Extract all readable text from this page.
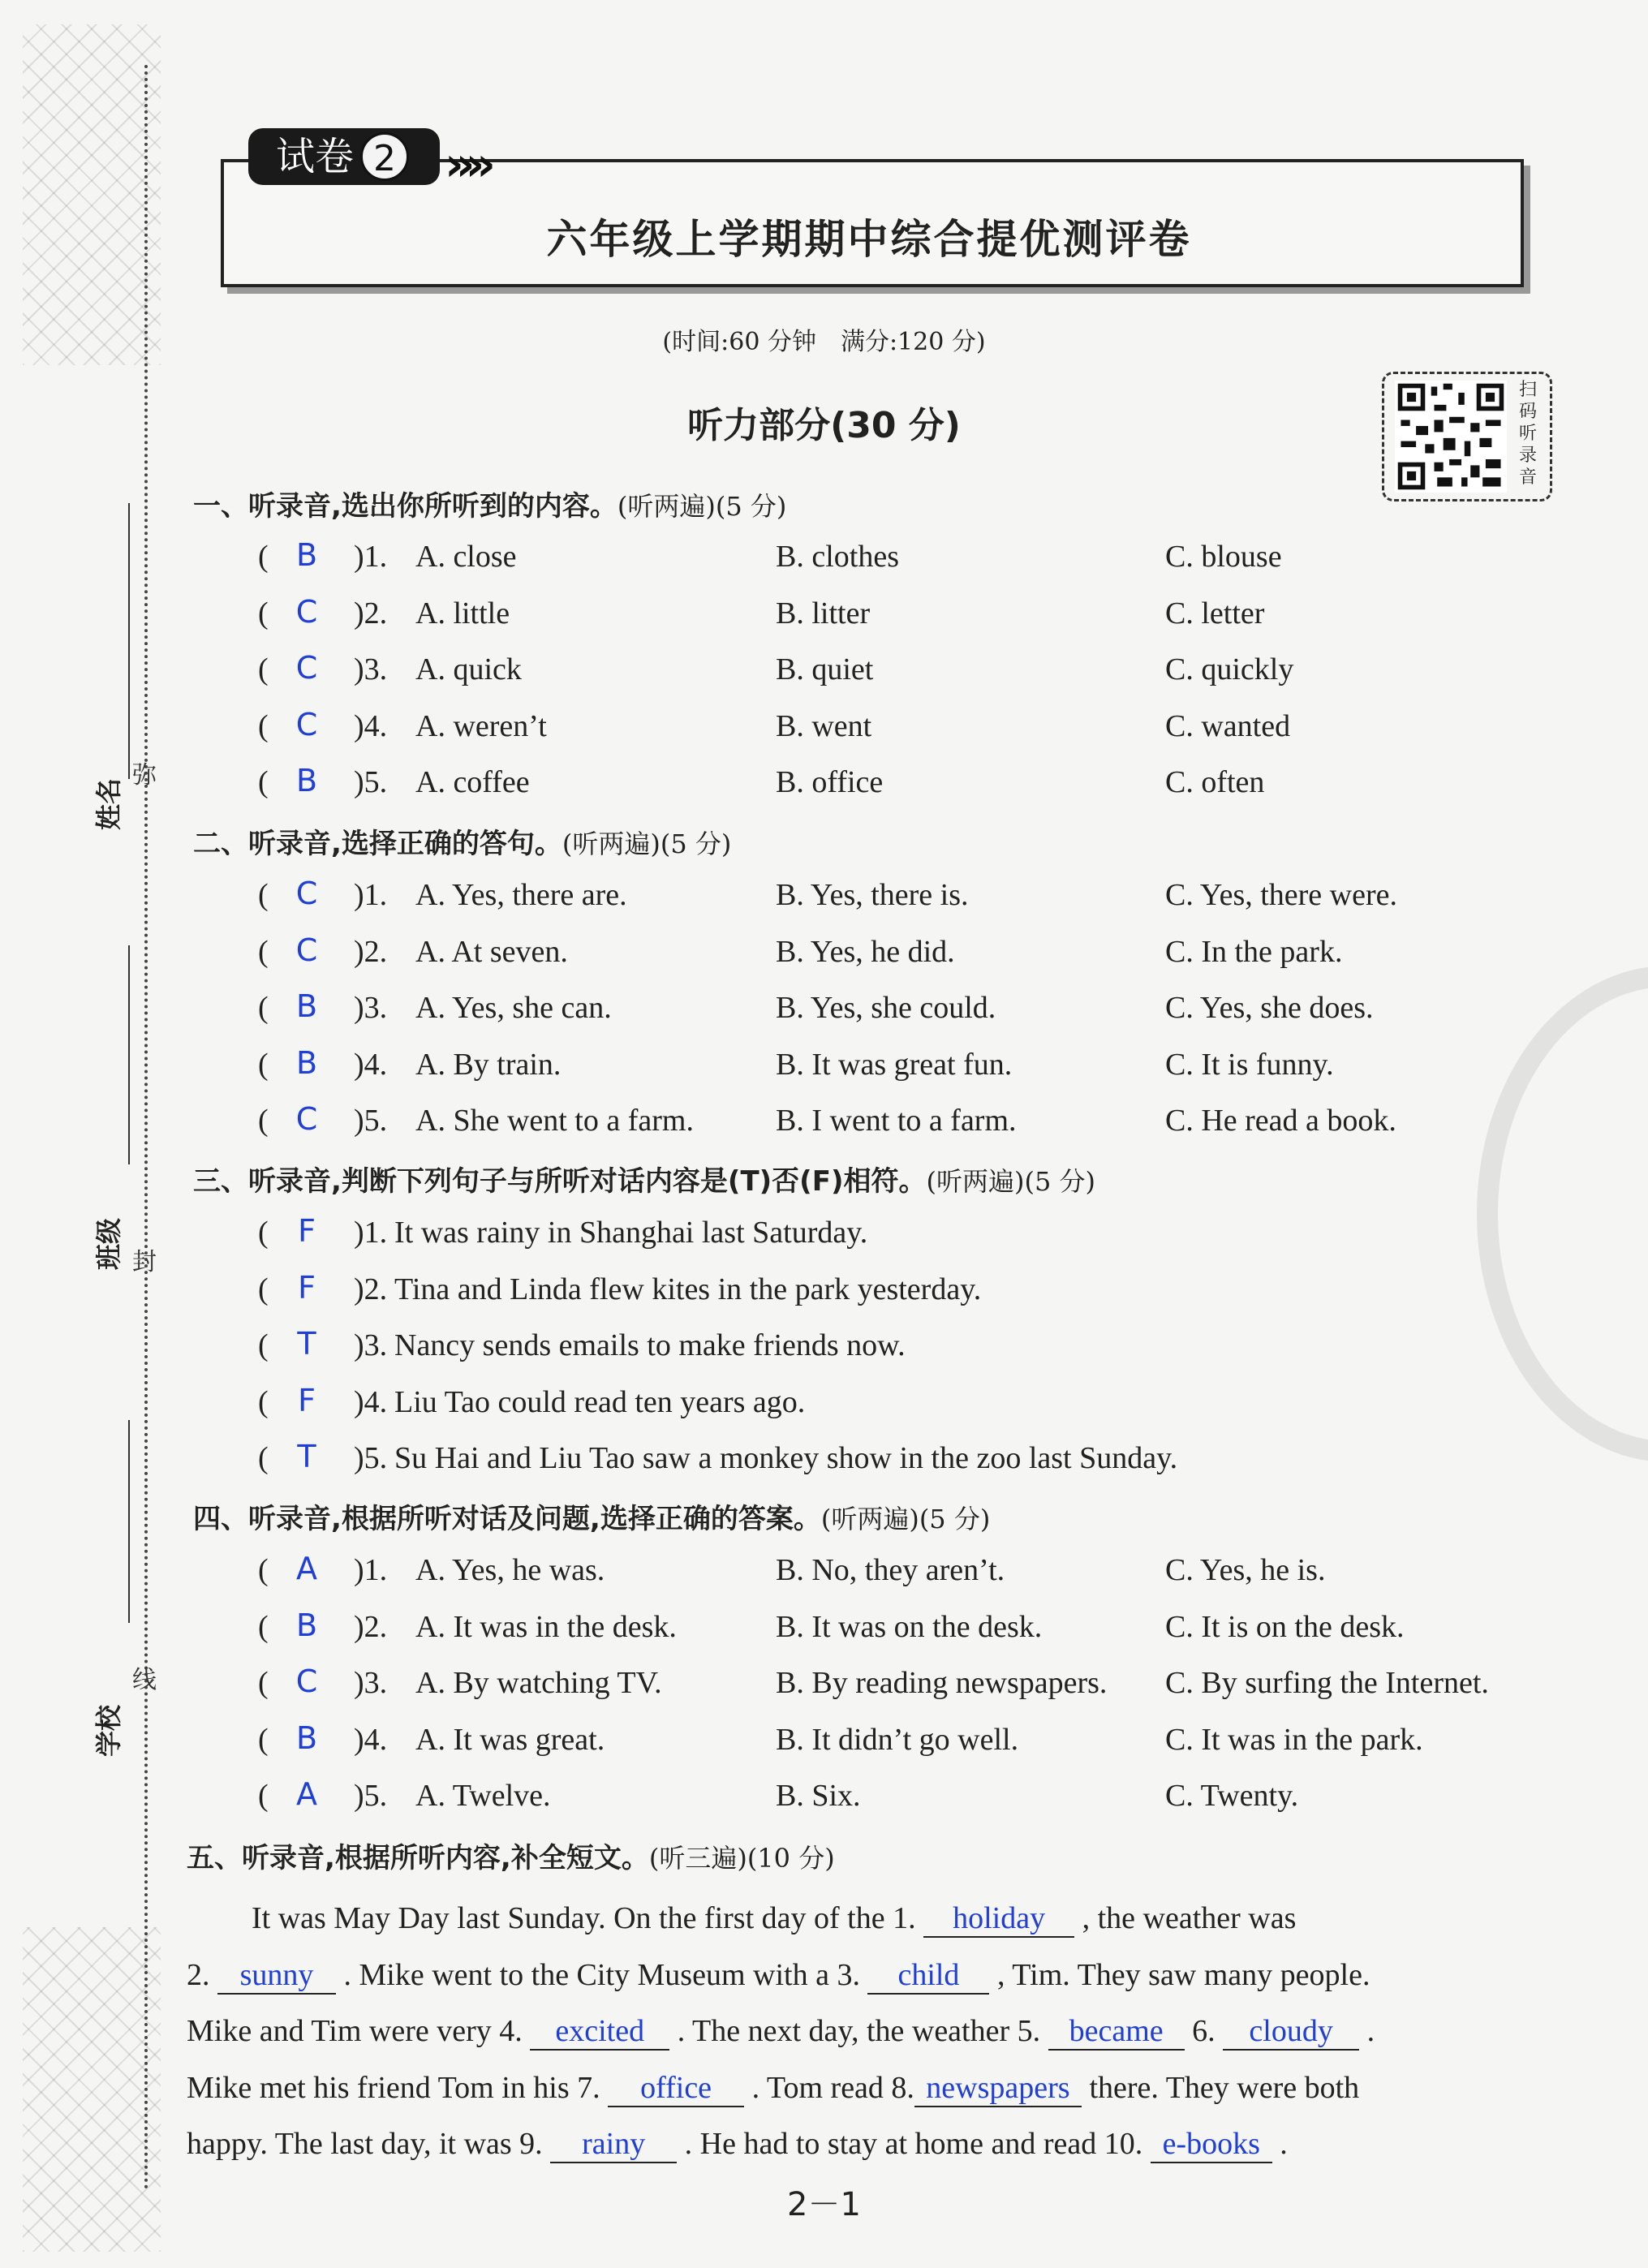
姓名
弥
班级 封
学校
线
试卷 2	»»
六年级上学期期中综合提优测评卷
(时间:60 分钟　满分:120 分)
听力部分(30 分)
扫码听录音
一、听录音,选出你所听到的内容。(听两遍)(5 分)
( B	)1. A. close	B. clothes	C. blouse
( C	)2. A. little	B. litter	C. letter
( C	)3. A. quick	B. quiet	C. quickly
( C	)4. A. weren’t	B. went	C. wanted
( B	)5. A. coffee	B. office	C. often
二、听录音,选择正确的答句。(听两遍)(5 分)
( C	)1. A. Yes, there are.	B. Yes, there is.	C. Yes, there were.
( C	)2. A. At seven.	B. Yes, he did.	C. In the park.
( B	)3. A. Yes, she can.	B. Yes, she could.	C. Yes, she does.
( B	)4. A. By train.	B. It was great fun.	C. It is funny.
( C	)5. A. She went to a farm.	B. I went to a farm.	C. He read a book.
三、听录音,判断下列句子与所听对话内容是(T)否(F)相符。(听两遍)(5 分)
( F	)1. It was rainy in Shanghai last Saturday.
( F	)2. Tina and Linda flew kites in the park yesterday.
( T	)3. Nancy sends emails to make friends now.
( F	)4. Liu Tao could read ten years ago.
( T	)5. Su Hai and Liu Tao saw a monkey show in the zoo last Sunday.
四、听录音,根据所听对话及问题,选择正确的答案。(听两遍)(5 分)
( A	)1. A. Yes, he was.	B. No, they aren’t.	C. Yes, he is.
( B	)2. A. It was in the desk.	B. It was on the desk.	C. It is on the desk.
( C	)3. A. By watching TV.	B. By reading newspapers. C. By surfing the Internet.
( B	)4. A. It was great.	B. It didn’t go well.	C. It was in the park.
( A	)5. A. Twelve.	B. Six.	C. Twenty.
五、听录音,根据所听内容,补全短文。(听三遍)(10 分)

It was May Day last Sunday. On the first day of the 1. holiday , the weather was

2. sunny . Mike went to the City Museum with a 3. child , Tim. They saw many people.

Mike and Tim were very 4. excited . The next day, the weather 5. became 6. cloudy .

Mike met his friend Tom in his 7. office . Tom read 8. newspapers there. They were both

happy. The last day, it was 9. rainy . He had to stay at home and read 10. e-books .

2－1
